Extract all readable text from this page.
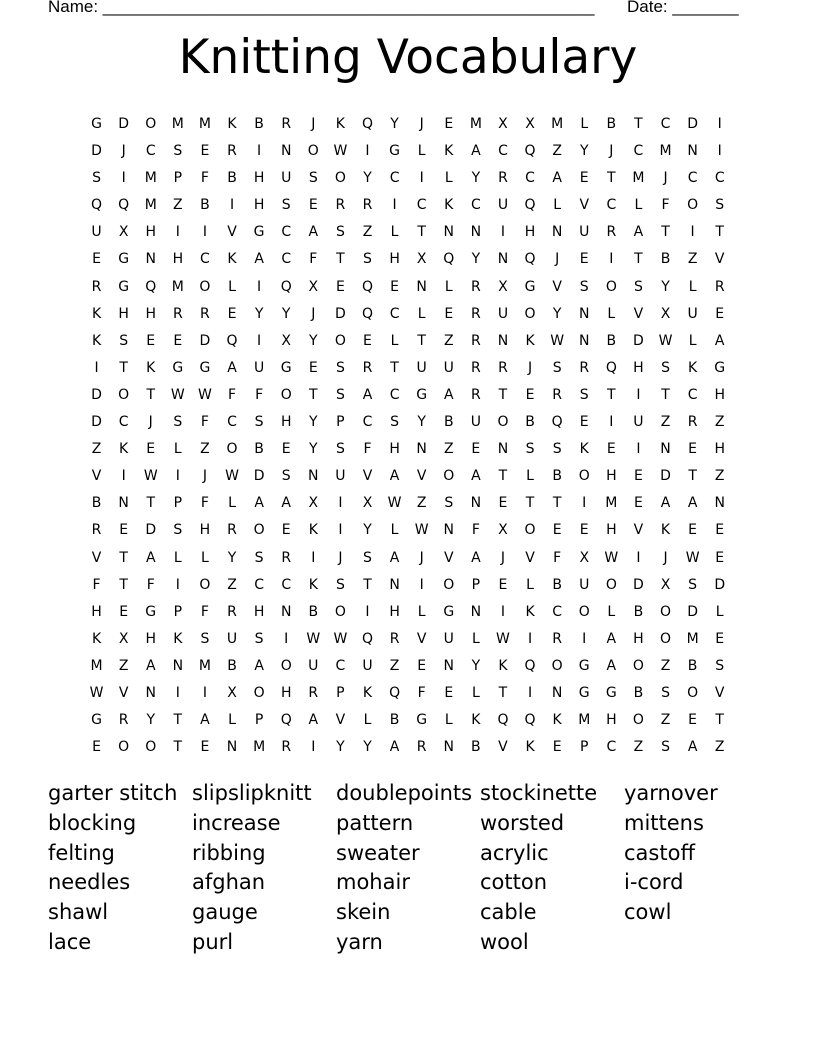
Name: ____________________________________________________ Date: _______
Knitting Vocabulary
G	D	O	M	M	K	B	R	J	K	Q	Y	J	E	M	X	X	M	L	B	T	C	D	I
D	J	C	S	E	R	I	N	O	W	I	G	L	K	A	C	Q	Z	Y	J	C	M	N	I
S	I	M	P	F	B	H	U	S	O	Y	C	I	L	Y	R	C	A	E	T	M	J	C	C
Q	Q	M	Z	B	I	H	S	E	R	R	I	C	K	C	U	Q	L	V	C	L	F	O	S
U	X	H	I	I	V	G	C	A	S	Z	L	T	N	N	I	H	N	U	R	A	T	I	T
E	G	N	H	C	K	A	C	F	T	S	H	X	Q	Y	N	Q	J	E	I	T	B	Z	V
R	G	Q	M	O	L	I	Q	X	E	Q	E	N	L	R	X	G	V	S	O	S	Y	L	R
K	H	H	R	R	E	Y	Y	J	D	Q	C	L	E	R	U	O	Y	N	L	V	X	U	E
K	S	E	E	D	Q	I	X	Y	O	E	L	T	Z	R	N	K	W	N	B	D	W	L	A
I	T	K	G	G	A	U	G	E	S	R	T	U	U	R	R	J	S	R	Q	H	S	K	G
D	O	T	W W	F	F	O	T	S	A	C	G	A	R	T	E	R	S	T	I	T	C	H
D	C	J	S	F	C	S	H	Y	P	C	S	Y	B	U	O	B	Q	E	I	U	Z	R	Z
Z	K	E	L	Z	O	B	E	Y	S	F	H	N	Z	E	N	S	S	K	E	I	N	E	H
V	I	W	I	J	W	D	S	N	U	V	A	V	O	A	T	L	B	O	H	E	D	T	Z
B	N	T	P	F	L	A	A	X	I	X	W	Z	S	N	E	T	T	I	M	E	A	A	N
R	E	D	S	H	R	O	E	K	I	Y	L	W	N	F	X	O	E	E	H	V	K	E	E
V	T	A	L	L	Y	S	R	I	J	S	A	J	V	A	J	V	F	X	W	I	J	W	E
F	T	F	I	O	Z	C	C	K	S	T	N	I	O	P	E	L	B	U	O	D	X	S	D
H	E	G	P	F	R	H	N	B	O	I	H	L	G	N	I	K	C	O	L	B	O	D	L
K	X	H	K	S	U	S	I	W W	Q	R	V	U	L	W	I	R	I	A	H	O	M	E
M	Z	A	N	M	B	A	O	U	C	U	Z	E	N	Y	K	Q	O	G	A	O	Z	B	S
W	V	N	I	I	X	O	H	R	P	K	Q	F	E	L	T	I	N	G	G	B	S	O	V
G	R	Y	T	A	L	P	Q	A	V	L	B	G	L	K	Q	Q	K	M	H	O	Z	E	T
E	O	O	T	E	N	M	R	I	Y	Y	A	R	N	B	V	K	E	P	C	Z	S	A	Z
garter stitch
blocking
felting
needles
shawl
lace
slipslipknitt
increase
ribbing
afghan
gauge
purl
doublepoints
pattern
sweater
mohair
skein
yarn
stockinette
worsted
acrylic
cotton
cable
wool
yarnover
mittens
castoff
i-cord
cowl
